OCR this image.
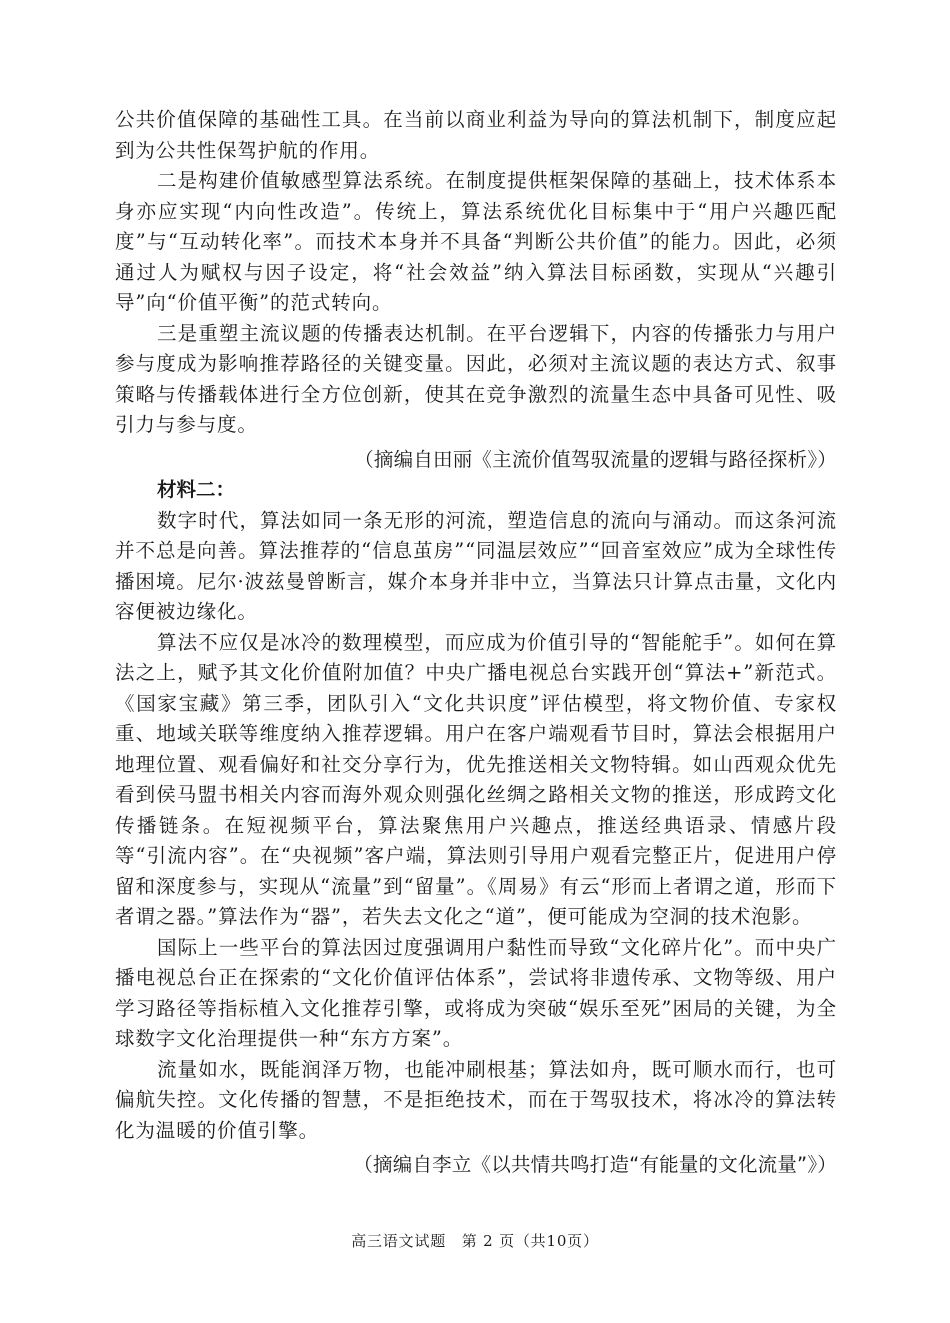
公共价值保障的基础性工具。在当前以商业利益为导向的算法机制下，制度应起到为公共性保驾护航的作用。

二是构建价值敏感型算法系统。在制度提供框架保障的基础上，技术体系本身亦应实现“内向性改造”。传统上，算法系统优化目标集中于“用户兴趣匹配度”与“互动转化率”。而技术本身并不具备“判断公共价值”的能力。因此，必须通过人为赋权与因子设定，将“社会效益”纳入算法目标函数，实现从“兴趣引导”向“价值平衡”的范式转向。

三是重塑主流议题的传播表达机制。在平台逻辑下，内容的传播张力与用户参与度成为影响推荐路径的关键变量。因此，必须对主流议题的表达方式、叙事策略与传播载体进行全方位创新，使其在竞争激烈的流量生态中具备可见性、吸引力与参与度。

（摘编自田丽《主流价值驾驭流量的逻辑与路径探析》）

材料二：

数字时代，算法如同一条无形的河流，塑造信息的流向与涌动。而这条河流并不总是向善。算法推荐的“信息茧房”“同温层效应”“回音室效应”成为全球性传播困境。尼尔·波兹曼曾断言，媒介本身并非中立，当算法只计算点击量，文化内容便被边缘化。

算法不应仅是冰冷的数理模型，而应成为价值引导的“智能舵手”。如何在算法之上，赋予其文化价值附加值？中央广播电视总台实践开创“算法+”新范式。《国家宝藏》第三季，团队引入“文化共识度”评估模型，将文物价值、专家权重、地域关联等维度纳入推荐逻辑。用户在客户端观看节目时，算法会根据用户地理位置、观看偏好和社交分享行为，优先推送相关文物特辑。如山西观众优先看到侯马盟书相关内容而海外观众则强化丝绸之路相关文物的推送，形成跨文化传播链条。在短视频平台，算法聚焦用户兴趣点，推送经典语录、情感片段等“引流内容”。在“央视频”客户端，算法则引导用户观看完整正片，促进用户停留和深度参与，实现从“流量”到“留量”。《周易》有云“形而上者谓之道，形而下者谓之器。”算法作为“器”，若失去文化之“道”，便可能成为空洞的技术泡影。

国际上一些平台的算法因过度强调用户黏性而导致“文化碎片化”。而中央广播电视总台正在探索的“文化价值评估体系”，尝试将非遗传承、文物等级、用户学习路径等指标植入文化推荐引擎，或将成为突破“娱乐至死”困局的关键，为全球数字文化治理提供一种“东方方案”。

流量如水，既能润泽万物，也能冲刷根基；算法如舟，既可顺水而行，也可偏航失控。文化传播的智慧，不是拒绝技术，而在于驾驭技术，将冰冷的算法转化为温暖的价值引擎。

（摘编自李立《以共情共鸣打造“有能量的文化流量”》）

高三语文试题　第 2 页（共10页）
